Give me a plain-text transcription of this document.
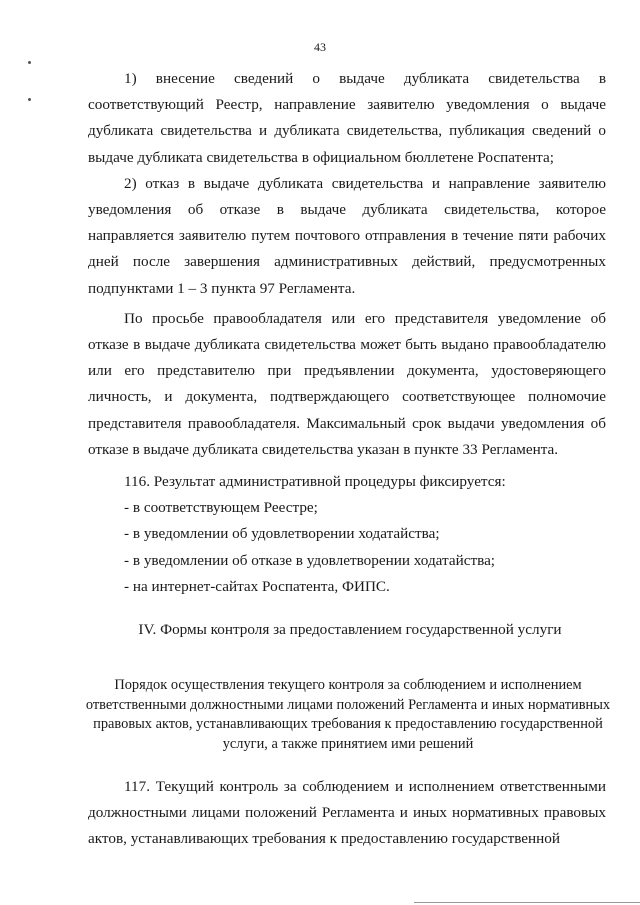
43

1) внесение сведений о выдаче дубликата свидетельства в соответствующий Реестр, направление заявителю уведомления о выдаче дубликата свидетельства и дубликата свидетельства, публикация сведений о выдаче дубликата свидетельства в официальном бюллетене Роспатента;

2) отказ в выдаче дубликата свидетельства и направление заявителю уведомления об отказе в выдаче дубликата свидетельства, которое направляется заявителю путем почтового отправления в течение пяти рабочих дней после завершения административных действий, предусмотренных подпунктами 1 – 3 пункта 97 Регламента.

По просьбе правообладателя или его представителя уведомление об отказе в выдаче дубликата свидетельства может быть выдано правообладателю или его представителю при предъявлении документа, удостоверяющего личность, и документа, подтверждающего соответствующее полномочие представителя правообладателя. Максимальный срок выдачи уведомления об отказе в выдаче дубликата свидетельства указан в пункте 33 Регламента.

116. Результат административной процедуры фиксируется:

- в соответствующем Реестре;

- в уведомлении об удовлетворении ходатайства;

- в уведомлении об отказе в удовлетворении ходатайства;

- на интернет-сайтах Роспатента, ФИПС.

IV. Формы контроля за предоставлением государственной услуги
Порядок осуществления текущего контроля за соблюдением и исполнением ответственными должностными лицами положений Регламента и иных нормативных правовых актов, устанавливающих требования к предоставлению государственной услуги, а также принятием ими решений

117. Текущий контроль за соблюдением и исполнением ответственными должностными лицами положений Регламента и иных нормативных правовых актов, устанавливающих требования к предоставлению государственной
